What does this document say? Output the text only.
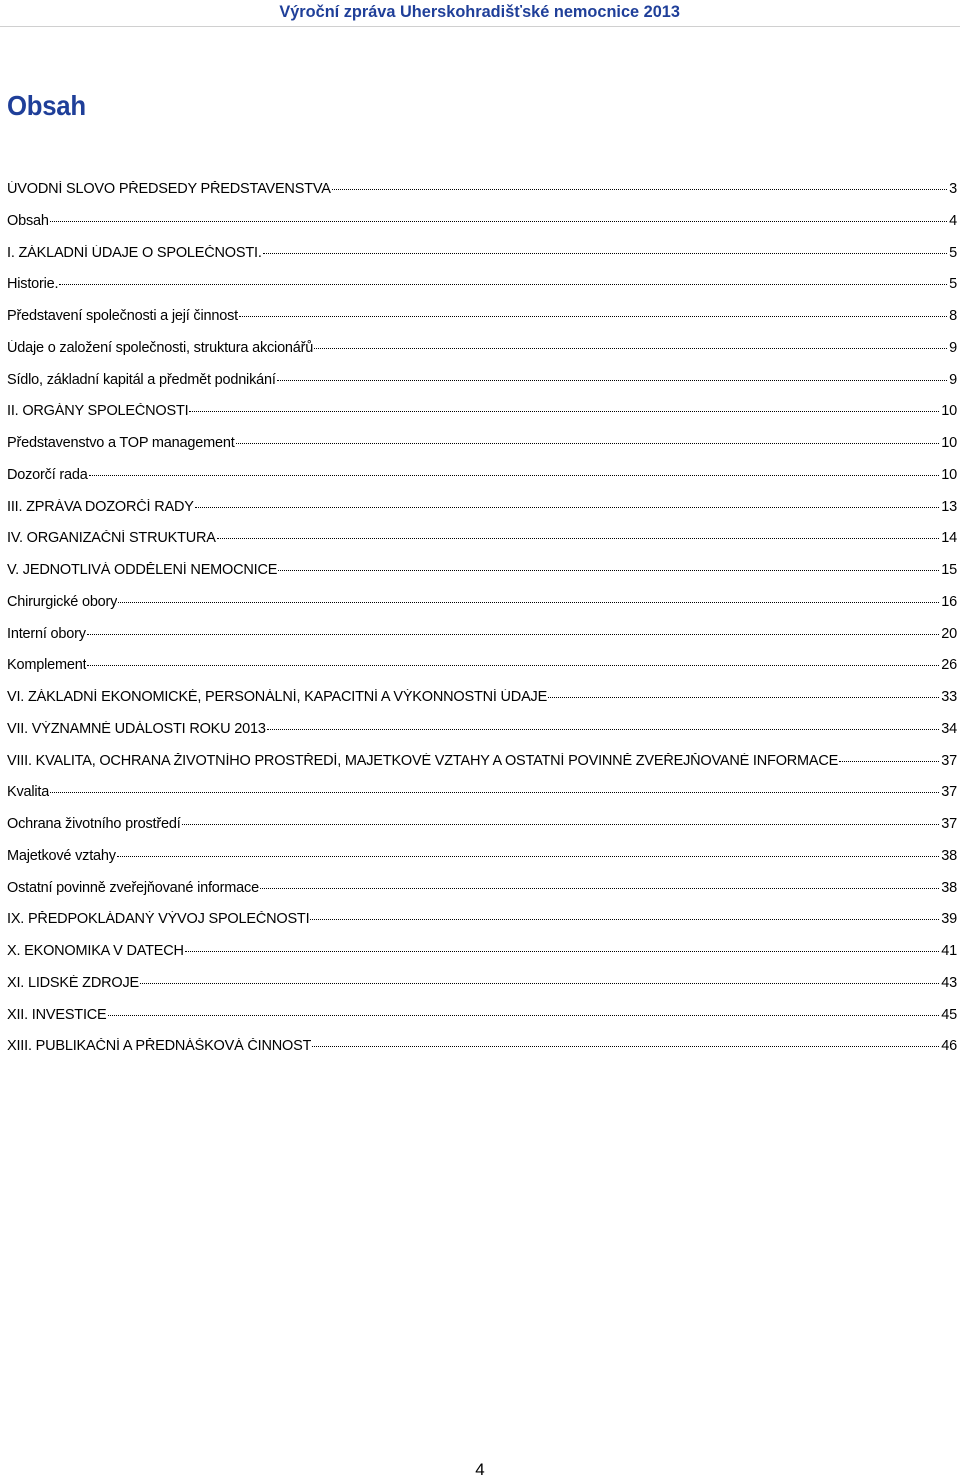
Výroční zpráva Uherskohradišťské nemocnice 2013
Obsah
ÚVODNÍ SLOVO PŘEDSEDY PŘEDSTAVENSTVA	3
Obsah	4
I. ZÁKLADNÍ ÚDAJE O SPOLEČNOSTI.	5
Historie.	5
Představení společnosti a její činnost	8
Údaje o založení společnosti, struktura akcionářů	9
Sídlo, základní kapitál a předmět podnikání	9
II. ORGÁNY SPOLEČNOSTI	10
Představenstvo a TOP management	10
Dozorčí rada	10
III. ZPRÁVA DOZORČÍ RADY	13
IV. ORGANIZAČNÍ STRUKTURA	14
V. JEDNOTLIVÁ ODDĚLENÍ NEMOCNICE	15
Chirurgické obory	16
Interní obory	20
Komplement	26
VI. ZÁKLADNÍ EKONOMICKÉ, PERSONÁLNÍ, KAPACITNÍ A VÝKONNOSTNÍ ÚDAJE	33
VII. VÝZNAMNÉ UDÁLOSTI ROKU 2013	34
VIII. KVALITA, OCHRANA ŽIVOTNÍHO PROSTŘEDÍ, MAJETKOVÉ VZTAHY A OSTATNÍ POVINNĚ ZVEŘEJŇOVANÉ INFORMACE	37
Kvalita	37
Ochrana životního prostředí	37
Majetkové vztahy	38
Ostatní povinně zveřejňované informace	38
IX. PŘEDPOKLÁDANÝ VÝVOJ SPOLEČNOSTI	39
X. EKONOMIKA V DATECH	41
XI. LIDSKÉ ZDROJE	43
XII. INVESTICE	45
XIII. PUBLIKAČNÍ A PŘEDNÁŠKOVÁ ČINNOST	46
4
